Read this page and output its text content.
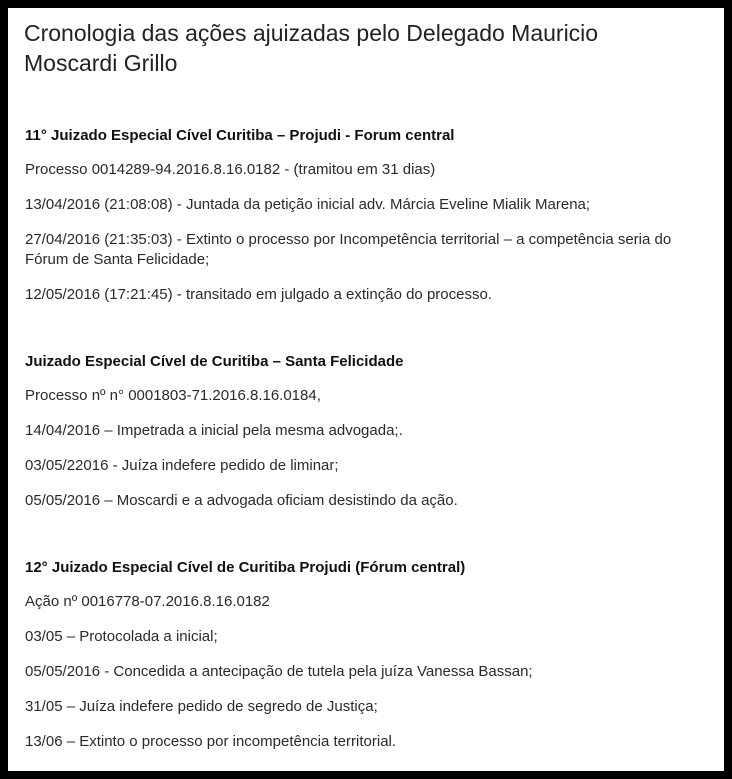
Cronologia das ações ajuizadas pelo Delegado Mauricio Moscardi Grillo
11° Juizado Especial Cível Curitiba – Projudi - Forum central

Processo 0014289-94.2016.8.16.0182 - (tramitou em 31 dias)

13/04/2016 (21:08:08) - Juntada da petição inicial adv. Márcia Eveline Mialik Marena;

27/04/2016 (21:35:03) - Extinto o processo por Incompetência territorial – a competência seria do Fórum de Santa Felicidade;

12/05/2016 (17:21:45) - transitado em julgado a extinção do processo.

Juizado Especial Cível de Curitiba – Santa Felicidade

Processo nº n° 0001803-71.2016.8.16.0184,

14/04/2016 – Impetrada a inicial pela mesma advogada;.

03/05/22016 - Juíza indefere pedido de liminar;

05/05/2016 – Moscardi e a advogada oficiam desistindo da ação.

12° Juizado Especial Cível de Curitiba Projudi (Fórum central)

Ação nº 0016778-07.2016.8.16.0182

03/05 – Protocolada a inicial;

05/05/2016 - Concedida a antecipação de tutela pela juíza Vanessa Bassan;

31/05 – Juíza indefere pedido de segredo de Justiça;

13/06 – Extinto o processo por incompetência territorial.
